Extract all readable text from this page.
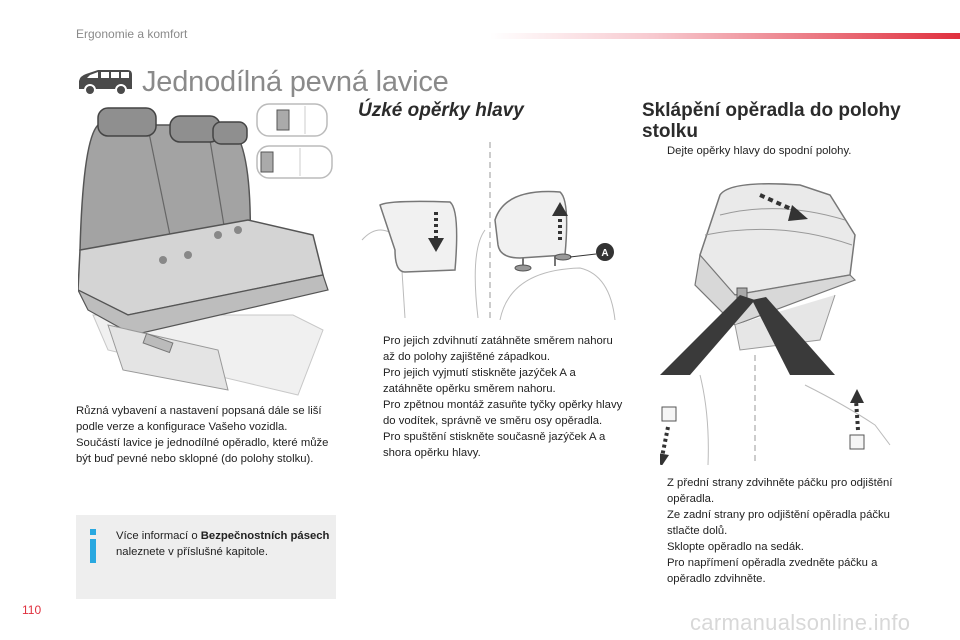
Ergonomie a komfort
Jednodílná pevná lavice
Úzké opěrky hlavy
A
Sklápění opěradla do polohy stolku
Dejte opěrky hlavy do spodní polohy.
Pro jejich zdvihnutí zatáhněte směrem nahoru až do polohy zajištěné západkou.
Pro jejich vyjmutí stiskněte jazýček A a zatáhněte opěrku směrem nahoru.
Pro zpětnou montáž zasuňte tyčky opěrky hlavy do vodítek, správně ve směru osy opěradla.
Pro spuštění stiskněte současně jazýček A a shora opěrku hlavy.
Různá vybavení a nastavení popsaná dále se liší podle verze a konfigurace Vašeho vozidla. Součástí lavice je jednodílné opěradlo, které může být buď pevné nebo sklopné (do polohy stolku).
Více informací o Bezpečnostních pásech naleznete v příslušné kapitole.
Z přední strany zdvihněte páčku pro odjištění opěradla.
Ze zadní strany pro odjištění opěradla páčku stlačte dolů.
Sklopte opěradlo na sedák.
Pro napřímení opěradla zvedněte páčku a opěradlo zdvihněte.
110	carmanualsonline.info
